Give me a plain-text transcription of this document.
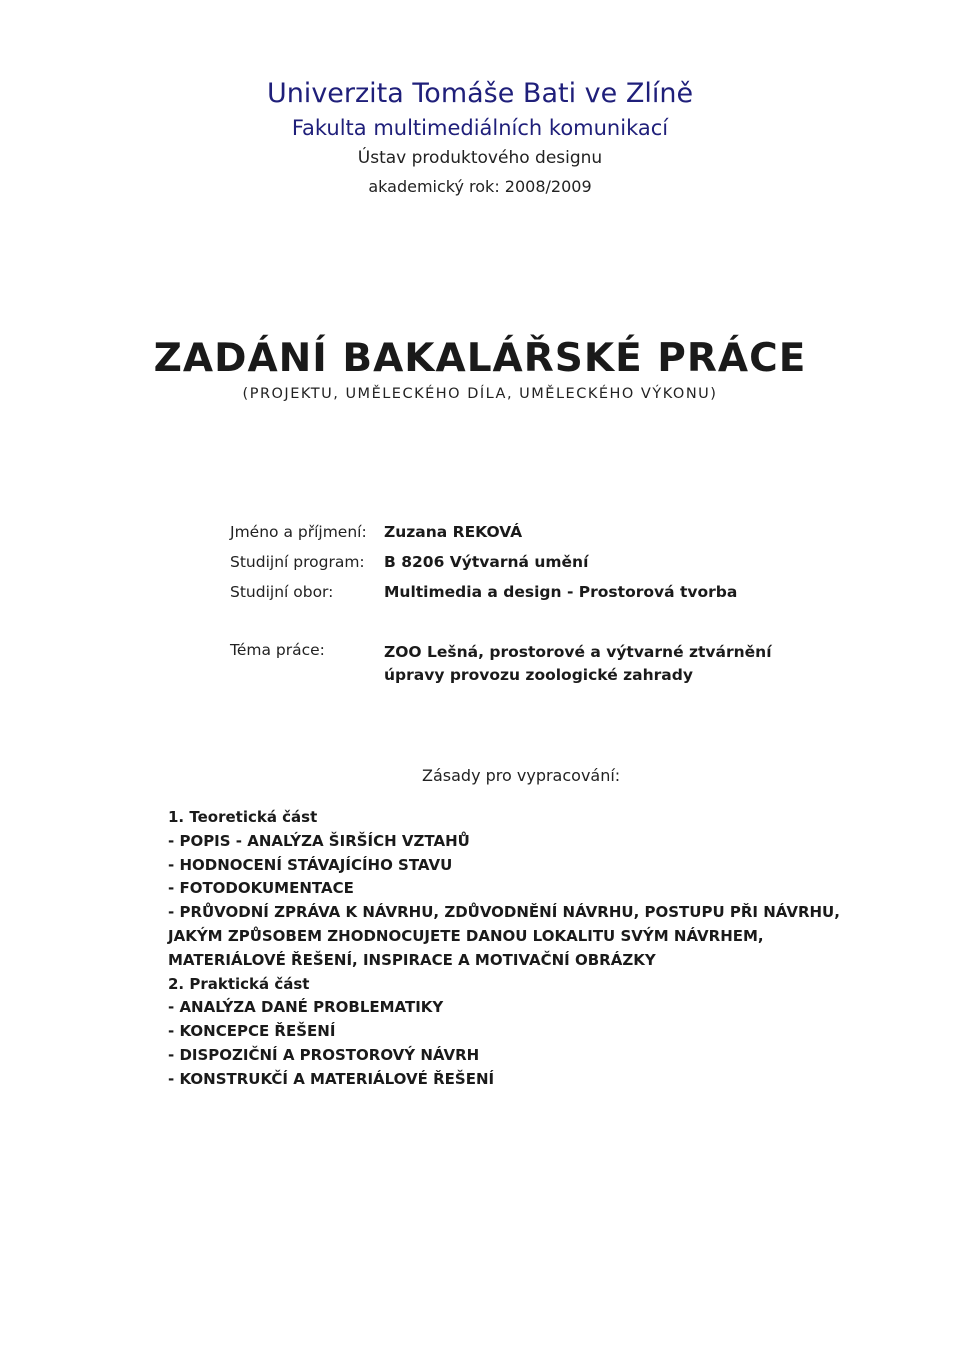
Univerzita Tomáše Bati ve Zlíně
Fakulta multimediálních komunikací
Ústav produktového designu
akademický rok: 2008/2009
ZADÁNÍ BAKALÁŘSKÉ PRÁCE
(PROJEKTU, UMĚLECKÉHO DÍLA, UMĚLECKÉHO VÝKONU)
Jméno a příjmení: Zuzana REKOVÁ
Studijní program: B 8206 Výtvarná umění
Studijní obor:	Multimedia a design - Prostorová tvorba
Téma práce:	ZOO Lešná, prostorové a výtvarné ztvárnění úpravy provozu zoologické zahrady
Zásady pro vypracování:
1. Teoretická část
- POPIS - ANALÝZA ŠIRŠÍCH VZTAHŮ
- HODNOCENÍ STÁVAJÍCÍHO STAVU
- FOTODOKUMENTACE
- PRŮVODNÍ ZPRÁVA K NÁVRHU, ZDŮVODNĚNÍ NÁVRHU, POSTUPU PŘI NÁVRHU, JAKÝM ZPŮSOBEM ZHODNOCUJETE DANOU LOKALITU SVÝM NÁVRHEM, MATERIÁLOVÉ ŘEŠENÍ, INSPIRACE A MOTIVAČNÍ OBRÁZKY
2. Praktická část
- ANALÝZA DANÉ PROBLEMATIKY
- KONCEPCE ŘEŠENÍ
- DISPOZIČNÍ A PROSTOROVÝ NÁVRH
- KONSTRUKČÍ A MATERIÁLOVÉ ŘEŠENÍ
